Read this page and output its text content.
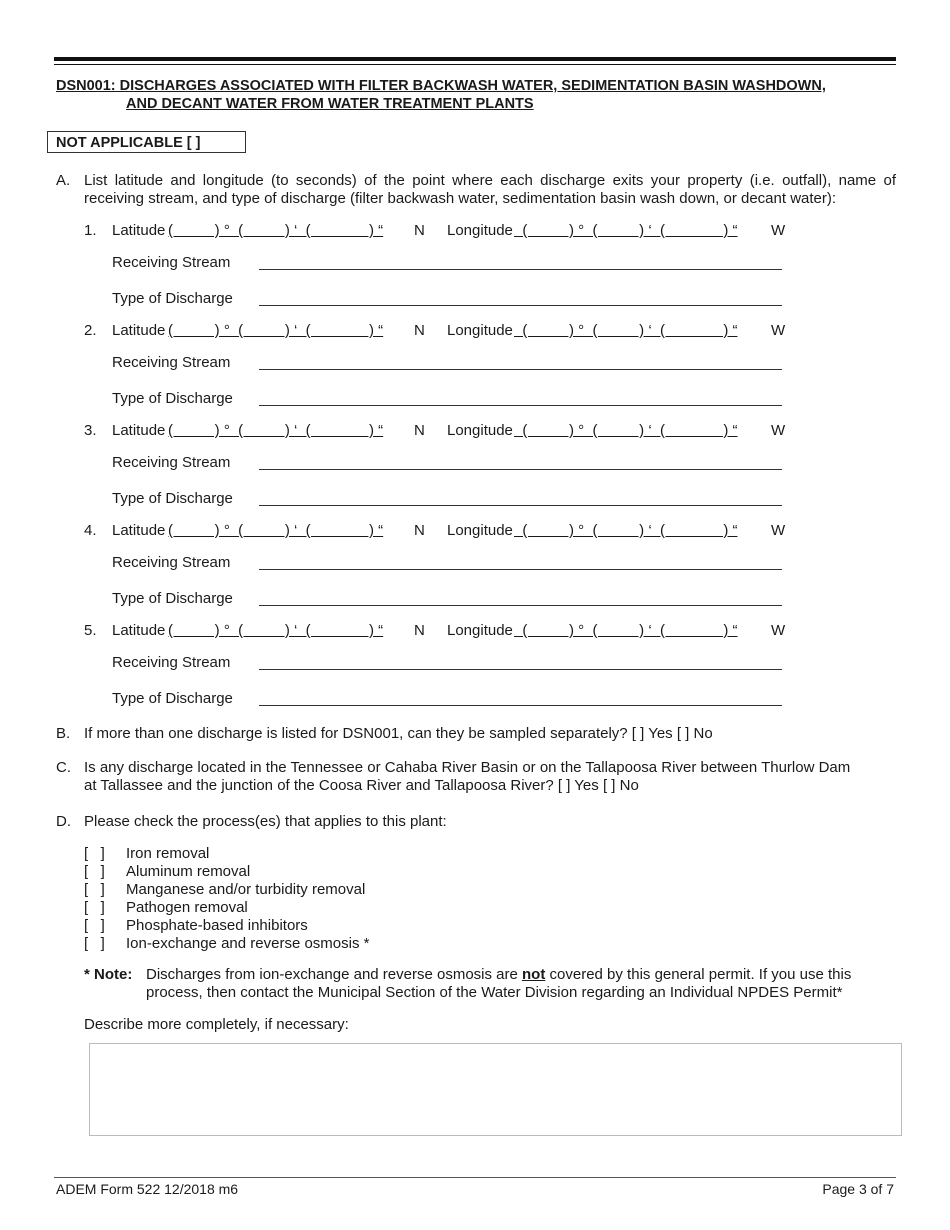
DSN001: DISCHARGES ASSOCIATED WITH FILTER BACKWASH WATER, SEDIMENTATION BASIN WASHDOWN,
AND DECANT WATER FROM WATER TREATMENT PLANTS
NOT APPLICABLE [ ]
A. List latitude and longitude (to seconds) of the point where each discharge exits your property (i.e. outfall), name of receiving stream, and type of discharge (filter backwash water, sedimentation basin wash down, or decant water):
1. Latitude (          ) °  (          ) ‘  (              ) “ N Longitude (          ) °  (          ) ‘  (              ) “ W
Receiving Stream
Type of Discharge
2. Latitude (          ) °  (          ) ‘  (              ) “ N Longitude (          ) °  (          ) ‘  (              ) “ W
Receiving Stream
Type of Discharge
3. Latitude (          ) °  (          ) ‘  (              ) “ N Longitude (          ) °  (          ) ‘  (              ) “ W
Receiving Stream
Type of Discharge
4. Latitude (          ) °  (          ) ‘  (              ) “ N Longitude (          ) °  (          ) ‘  (              ) “ W
Receiving Stream
Type of Discharge
5. Latitude (          ) °  (          ) ‘  (              ) “ N Longitude (          ) °  (          ) ‘  (              ) “ W
Receiving Stream
Type of Discharge
B. If more than one discharge is listed for DSN001, can they be sampled separately? [ ] Yes [ ] No
C. Is any discharge located in the Tennessee or Cahaba River Basin or on the Tallapoosa River between Thurlow Dam
at Tallassee and the junction of the Coosa River and Tallapoosa River? [ ] Yes [ ] No
D. Please check the process(es) that applies to this plant:
[   ] Iron removal
[   ] Aluminum removal
[   ] Manganese and/or turbidity removal
[   ] Pathogen removal
[   ] Phosphate-based inhibitors
[   ] Ion-exchange and reverse osmosis *
* Note: Discharges from ion-exchange and reverse osmosis are not covered by this general permit. If you use this
process, then contact the Municipal Section of the Water Division regarding an Individual NPDES Permit*
Describe more completely, if necessary:
ADEM Form 522 12/2018 m6	Page 3 of 7
